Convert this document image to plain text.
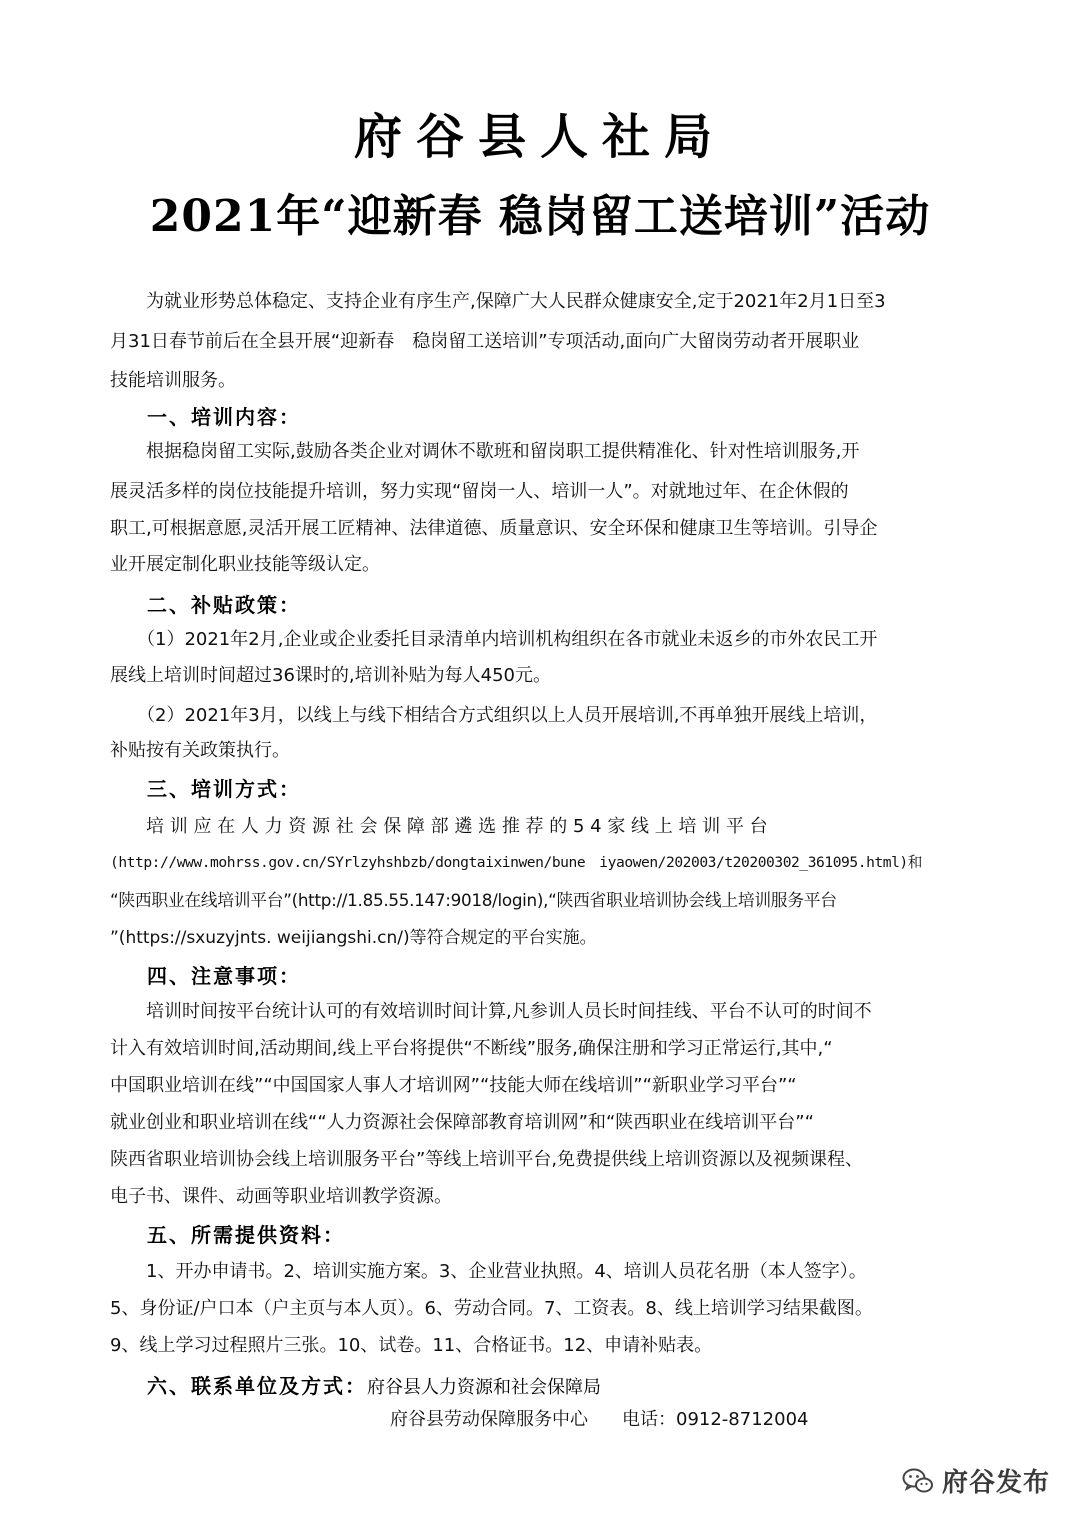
府谷县人社局
2021年“迎新春 稳岗留工送培训”活动
　　为就业形势总体稳定、支持企业有序生产,保障广大人民群众健康安全,定于2021年2月1日至3
月31日春节前后在全县开展“迎新春　稳岗留工送培训”专项活动,面向广大留岗劳动者开展职业
技能培训服务。
一、培训内容：
　　根据稳岗留工实际,鼓励各类企业对调休不歇班和留岗职工提供精准化、针对性培训服务,开
展灵活多样的岗位技能提升培训，努力实现“留岗一人、培训一人”。对就地过年、在企休假的
职工,可根据意愿,灵活开展工匠精神、法律道德、质量意识、安全环保和健康卫生等培训。引导企
业开展定制化职业技能等级认定。
二、补贴政策：
　　（1）2021年2月,企业或企业委托目录清单内培训机构组织在各市就业未返乡的市外农民工开
展线上培训时间超过36课时的,培训补贴为每人450元。
　　（2）2021年3月，以线上与线下相结合方式组织以上人员开展培训,不再单独开展线上培训，
补贴按有关政策执行。
三、培训方式：
　　培 训 应 在 人 力 资 源 社 会 保 障 部 遴 选 推 荐 的 5 4 家 线 上 培 训 平 台
(http://www.mohrss.gov.cn/SYrlzyhshbzb/dongtaixinwen/bune　iyaowen/202003/t20200302_361095.html)和
“陕西职业在线培训平台”(http://1.85.55.147:9018/login),“陕西省职业培训协会线上培训服务平台
”(https://sxuzyjnts. weijiangshi.cn/)等符合规定的平台实施。
四、注意事项：
　　培训时间按平台统计认可的有效培训时间计算,凡参训人员长时间挂线、平台不认可的时间不
计入有效培训时间,活动期间,线上平台将提供“不断线”服务,确保注册和学习正常运行,其中,“
中国职业培训在线”“中国国家人事人才培训网”“技能大师在线培训”“新职业学习平台”“
就业创业和职业培训在线““人力资源社会保障部教育培训网”和“陕西职业在线培训平台”“
陕西省职业培训协会线上培训服务平台”等线上培训平台,免费提供线上培训资源以及视频课程、
电子书、课件、动画等职业培训教学资源。
五、所需提供资料：
　　1、开办申请书。2、培训实施方案。3、企业营业执照。4、培训人员花名册（本人签字）。
5、身份证/户口本（户主页与本人页）。6、劳动合同。7、工资表。8、线上培训学习结果截图。
9、线上学习过程照片三张。10、试卷。11、合格证书。12、申请补贴表。
六、联系单位及方式：府谷县人力资源和社会保障局
府谷县劳动保障服务中心 电话：0912-8712004
府谷发布
